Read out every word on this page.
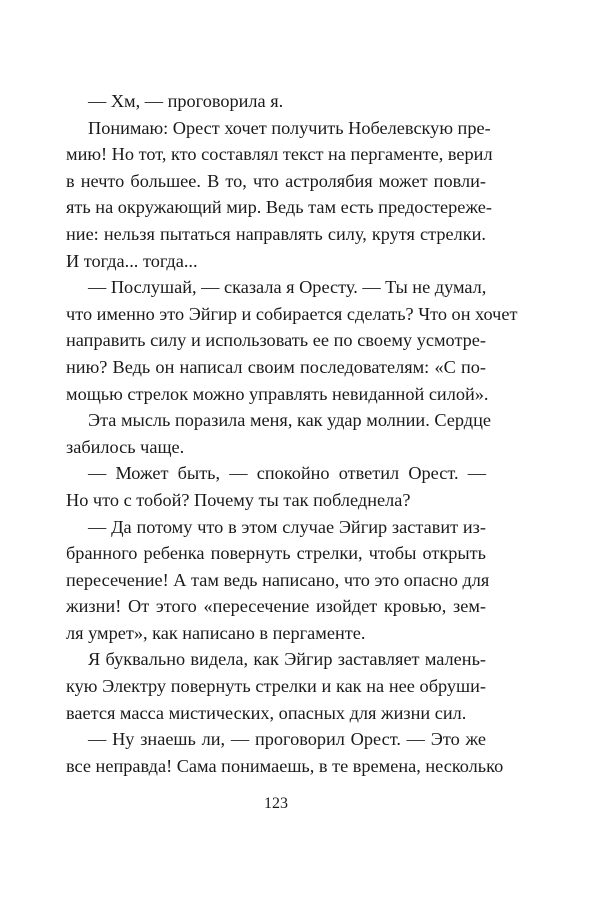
— Хм, — проговорила я.
Понимаю: Орест хочет получить Нобелевскую пре-
мию! Но тот, кто составлял текст на пергаменте, верил
в нечто большее. В то, что астролябия может повли-
ять на окружающий мир. Ведь там есть предостереже-
ние: нельзя пытаться направлять силу, крутя стрелки.
И тогда... тогда...
— Послушай, — сказала я Оресту. — Ты не думал,
что именно это Эйгир и собирается сделать? Что он хочет
направить силу и использовать ее по своему усмотре-
нию? Ведь он написал своим последователям: «С по-
мощью стрелок можно управлять невиданной силой».
Эта мысль поразила меня, как удар молнии. Сердце
забилось чаще.
— Может быть, — спокойно ответил Орест. —
Но что с тобой? Почему ты так побледнела?
— Да потому что в этом случае Эйгир заставит из-
бранного ребенка повернуть стрелки, чтобы открыть
пересечение! А там ведь написано, что это опасно для
жизни! От этого «пересечение изойдет кровью, зем-
ля умрет», как написано в пергаменте.
Я буквально видела, как Эйгир заставляет малень-
кую Электру повернуть стрелки и как на нее обруши-
вается масса мистических, опасных для жизни сил.
— Ну знаешь ли, — проговорил Орест. — Это же
все неправда! Сама понимаешь, в те времена, несколько
123
